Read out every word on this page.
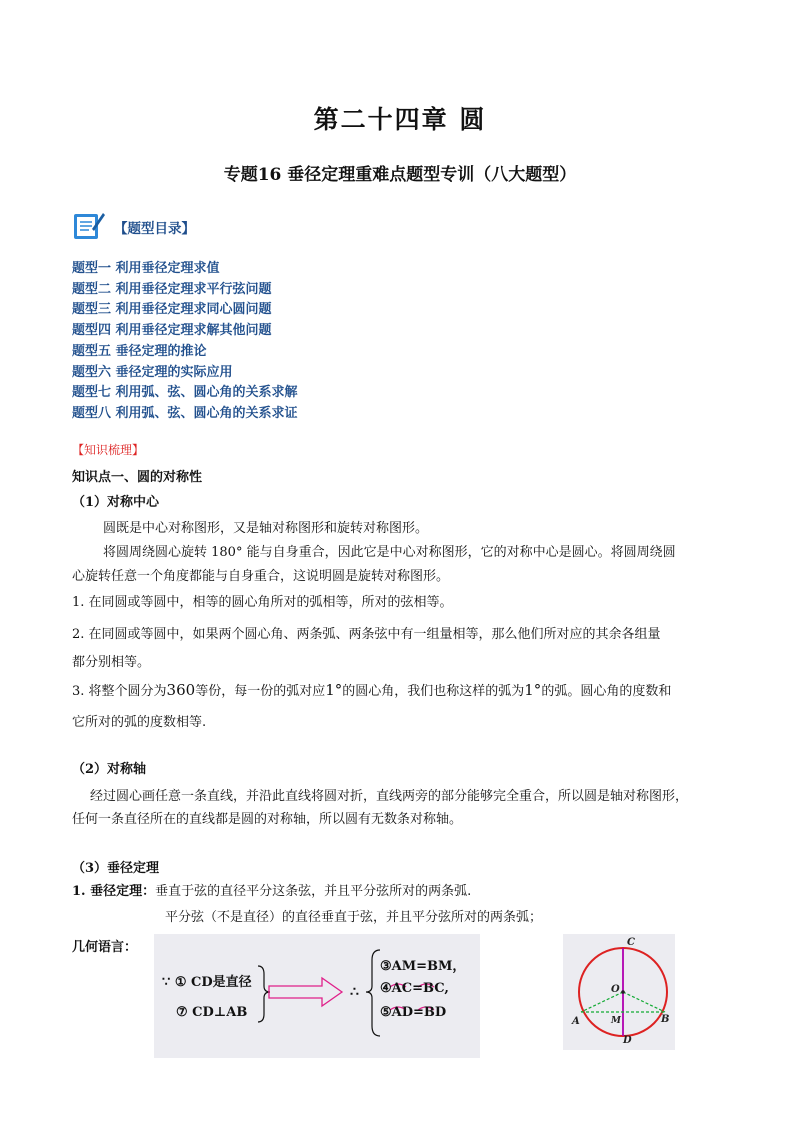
第二十四章 圆
专题16 垂径定理重难点题型专训（八大题型）
【题型目录】
题型一 利用垂径定理求值
题型二 利用垂径定理求平行弦问题
题型三 利用垂径定理求同心圆问题
题型四 利用垂径定理求解其他问题
题型五 垂径定理的推论
题型六 垂径定理的实际应用
题型七 利用弧、弦、圆心角的关系求解
题型八 利用弧、弦、圆心角的关系求证
【知识梳理】
知识点一、圆的对称性
（1）对称中心
圆既是中心对称图形，又是轴对称图形和旋转对称图形。
将圆周绕圆心旋转 180° 能与自身重合，因此它是中心对称图形，它的对称中心是圆心。将圆周绕圆
心旋转任意一个角度都能与自身重合，这说明圆是旋转对称图形。
1. 在同圆或等圆中，相等的圆心角所对的弧相等，所对的弦相等。
2. 在同圆或等圆中，如果两个圆心角、两条弧、两条弦中有一组量相等，那么他们所对应的其余各组量
都分别相等。
3. 将整个圆分为360等份，每一份的弧对应1°的圆心角，我们也称这样的弧为1°的弧。圆心角的度数和
它所对的弧的度数相等.
（2）对称轴
经过圆心画任意一条直线，并沿此直线将圆对折，直线两旁的部分能够完全重合，所以圆是轴对称图形，
任何一条直径所在的直线都是圆的对称轴，所以圆有无数条对称轴。
（3）垂径定理
1. 垂径定理：垂直于弦的直径平分这条弦，并且平分弦所对的两条弧.
平分弦（不是直径）的直径垂直于弦，并且平分弦所对的两条弧；
几何语言：
∵ ① CD是直径
⑦ CD⊥AB
∴
③AM=BM，
④AC=BC,
⑤AD=BD
C
O
A	B
M
D
